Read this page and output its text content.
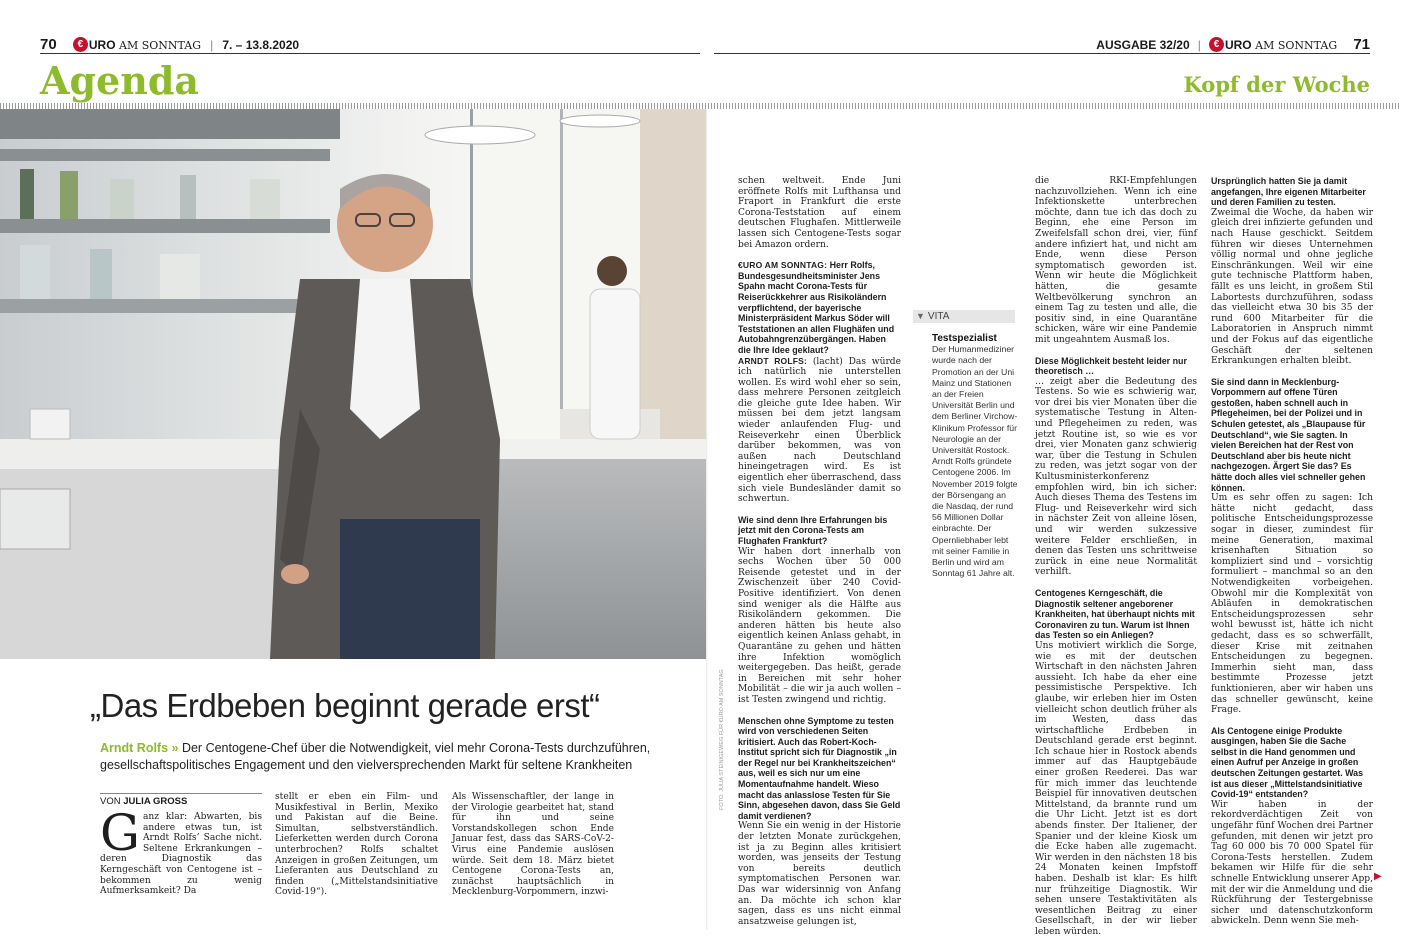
70 € URO AM SONNTAG | 7. – 13.8.2020	AUSGABE 32/20 | € URO AM SONNTAG 71
Agenda	Kopf der Woche
„Das Erdbeben beginnt gerade erst“
Arndt Rolfs » Der Centogene-Chef über die Notwendigkeit, viel mehr Corona-Tests durchzuführen,
gesellschaftspolitisches Engagement und den vielversprechenden Markt für seltene Krankheiten
VON JULIA GROSS

Ganz klar: Abwarten, bis andere etwas tun, ist Arndt Rolfs’ Sache nicht. Seltene Erkrankungen – deren Diagnostik das Kerngeschäft von Centogene ist – bekommen zu wenig Aufmerksamkeit? Da

stellt er eben ein Film- und Musikfestival in Berlin, Mexiko und Pakistan auf die Beine. Simultan, selbstverständlich. Lieferketten werden durch Corona unterbrochen? Rolfs schaltet Anzeigen in großen Zeitungen, um Lieferanten aus Deutschland zu finden („Mittelstandsinitiative Covid-19“).

Als Wissenschaftler, der lange in der Virologie gearbeitet hat, stand für ihn und seine Vorstandskollegen schon Ende Januar fest, dass das SARS-CoV-2-Virus eine Pandemie auslösen würde. Seit dem 18. März bietet Centogene Corona-Tests an, zunächst hauptsächlich in Mecklenburg-Vorpommern, inzwi-

FOTO: JULIA STEINIGEWEG FÜR €URO AM SONNTAG

schen weltweit. Ende Juni eröffnete Rolfs mit Lufthansa und Fraport in Frankfurt die erste Corona-Teststation auf einem deutschen Flughafen. Mittlerweile lassen sich Centogene-Tests sogar bei Amazon ordern.

€URO AM SONNTAG: Herr Rolfs, Bundesgesundheitsminister Jens Spahn macht Corona-Tests für Reiserückkehrer aus Risikoländern verpflichtend, der bayerische Ministerpräsident Markus Söder will Teststationen an allen Flughäfen und Autobahngrenzübergängen. Haben die Ihre Idee geklaut?

ARNDT ROLFS: (lacht) Das würde ich natürlich nie unterstellen wollen. Es wird wohl eher so sein, dass mehrere Personen zeitgleich die gleiche gute Idee haben. Wir müssen bei dem jetzt langsam wieder anlaufenden Flug- und Reiseverkehr einen Überblick darüber bekommen, was von außen nach Deutschland hineingetragen wird. Es ist eigentlich eher überraschend, dass sich viele Bundesländer damit so schwertun.

Wie sind denn Ihre Erfahrungen bis jetzt mit den Corona-Tests am Flughafen Frankfurt?

Wir haben dort innerhalb von sechs Wochen über 50 000 Reisende getestet und in der Zwischenzeit über 240 Covid-Positive identifiziert. Von denen sind weniger als die Hälfte aus Risikoländern gekommen. Die anderen hätten bis heute also eigentlich keinen Anlass gehabt, in Quarantäne zu gehen und hätten ihre Infektion womöglich weitergegeben. Das heißt, gerade in Bereichen mit sehr hoher Mobilität – die wir ja auch wollen – ist Testen zwingend und richtig.

Menschen ohne Symptome zu testen wird von verschiedenen Seiten kritisiert. Auch das Robert-Koch-Institut spricht sich für Diagnostik „in der Regel nur bei Krankheitszeichen“ aus, weil es sich nur um eine Momentaufnahme handelt. Wieso macht das anlasslose Testen für Sie Sinn, abgesehen davon, dass Sie Geld damit verdienen?

Wenn Sie ein wenig in der Historie der letzten Monate zurückgehen, ist ja zu Beginn alles kritisiert worden, was jenseits der Testung von bereits deutlich symptomatischen Personen war. Das war widersinnig von Anfang an. Da möchte ich schon klar sagen, dass es uns nicht einmal ansatzweise gelungen ist,

▼ VITA
Testspezialist
Der Humanmediziner wurde nach der Promotion an der Uni Mainz und Stationen an der Freien Universität Berlin und dem Berliner Virchow-Klinikum Professor für Neurologie an der Universität Rostock. Arndt Rolfs gründete Centogene 2006. Im November 2019 folgte der Börsengang an die Nasdaq, der rund 56 Millionen Dollar einbrachte. Der Opernliebhaber lebt mit seiner Familie in Berlin und wird am Sonntag 61 Jahre alt.

die RKI-Empfehlungen nachzuvollziehen. Wenn ich eine Infektionskette unterbrechen möchte, dann tue ich das doch zu Beginn, ehe eine Person im Zweifelsfall schon drei, vier, fünf andere infiziert hat, und nicht am Ende, wenn diese Person symptomatisch geworden ist. Wenn wir heute die Möglichkeit hätten, die gesamte Weltbevölkerung synchron an einem Tag zu testen und alle, die positiv sind, in eine Quarantäne schicken, wäre wir eine Pandemie mit ungeahntem Ausmaß los.

Diese Möglichkeit besteht leider nur theoretisch …

… zeigt aber die Bedeutung des Testens. So wie es schwierig war, vor drei bis vier Monaten über die systematische Testung in Alten- und Pflegeheimen zu reden, was jetzt Routine ist, so wie es vor drei, vier Monaten ganz schwierig war, über die Testung in Schulen zu reden, was jetzt sogar von der Kultusministerkonferenz empfohlen wird, bin ich sicher: Auch dieses Thema des Testens im Flug- und Reiseverkehr wird sich in nächster Zeit von alleine lösen, und wir werden sukzessive weitere Felder erschließen, in denen das Testen uns schrittweise zurück in eine neue Normalität verhilft.

Centogenes Kerngeschäft, die Diagnostik seltener angeborener Krankheiten, hat überhaupt nichts mit Coronaviren zu tun. Warum ist Ihnen das Testen so ein Anliegen?

Uns motiviert wirklich die Sorge, wie es mit der deutschen Wirtschaft in den nächsten Jahren aussieht. Ich habe da eher eine pessimistische Perspektive. Ich glaube, wir erleben hier im Osten vielleicht schon deutlich früher als im Westen, dass das wirtschaftliche Erdbeben in Deutschland gerade erst beginnt. Ich schaue hier in Rostock abends immer auf das Hauptgebäude einer großen Reederei. Das war für mich immer das leuchtende Beispiel für innovativen deutschen Mittelstand, da brannte rund um die Uhr Licht. Jetzt ist es dort abends finster. Der Italiener, der Spanier und der kleine Kiosk um die Ecke haben alle zugemacht. Wir werden in den nächsten 18 bis 24 Monaten keinen Impfstoff haben. Deshalb ist klar: Es hilft nur frühzeitige Diagnostik. Wir sehen unsere Testaktivitäten als wesentlichen Beitrag zu einer Gesellschaft, in der wir lieber leben würden.

Ursprünglich hatten Sie ja damit angefangen, Ihre eigenen Mitarbeiter und deren Familien zu testen.

Zweimal die Woche, da haben wir gleich drei infizierte gefunden und nach Hause geschickt. Seitdem führen wir dieses Unternehmen völlig normal und ohne jegliche Einschränkungen. Weil wir eine gute technische Plattform haben, fällt es uns leicht, in großem Stil Labortests durchzuführen, sodass das vielleicht etwa 30 bis 35 der rund 600 Mitarbeiter für die Laboratorien in Anspruch nimmt und der Fokus auf das eigentliche Geschäft der seltenen Erkrankungen erhalten bleibt.

Sie sind dann in Mecklenburg-Vorpommern auf offene Türen gestoßen, haben schnell auch in Pflegeheimen, bei der Polizei und in Schulen getestet, als „Blaupause für Deutschland“, wie Sie sagten. In vielen Bereichen hat der Rest von Deutschland aber bis heute nicht nachgezogen. Ärgert Sie das? Es hätte doch alles viel schneller gehen können.

Um es sehr offen zu sagen: Ich hätte nicht gedacht, dass politische Entscheidungsprozesse sogar in dieser, zumindest für meine Generation, maximal krisenhaften Situation so kompliziert sind und – vorsichtig formuliert – manchmal so an den Notwendigkeiten vorbeigehen. Obwohl mir die Komplexität von Abläufen in demokratischen Entscheidungsprozessen sehr wohl bewusst ist, hätte ich nicht gedacht, dass es so schwerfällt, dieser Krise mit zeitnahen Entscheidungen zu begegnen. Immerhin sieht man, dass bestimmte Prozesse jetzt funktionieren, aber wir haben uns das schneller gewünscht, keine Frage.

Als Centogene einige Produkte ausgingen, haben Sie die Sache selbst in die Hand genommen und einen Aufruf per Anzeige in großen deutschen Zeitungen gestartet. Was ist aus dieser „Mittelstandsinitiative Covid-19“ entstanden?

Wir haben in der rekordverdächtigen Zeit von ungefähr fünf Wochen drei Partner gefunden, mit denen wir jetzt pro Tag 60 000 bis 70 000 Spatel für Corona-Tests herstellen. Zudem bekamen wir Hilfe für die sehr schnelle Entwicklung unserer App, mit der wir die Anmeldung und die Rückführung der Testergebnisse sicher und datenschutzkonform abwickeln. Denn wenn Sie meh-

▶
